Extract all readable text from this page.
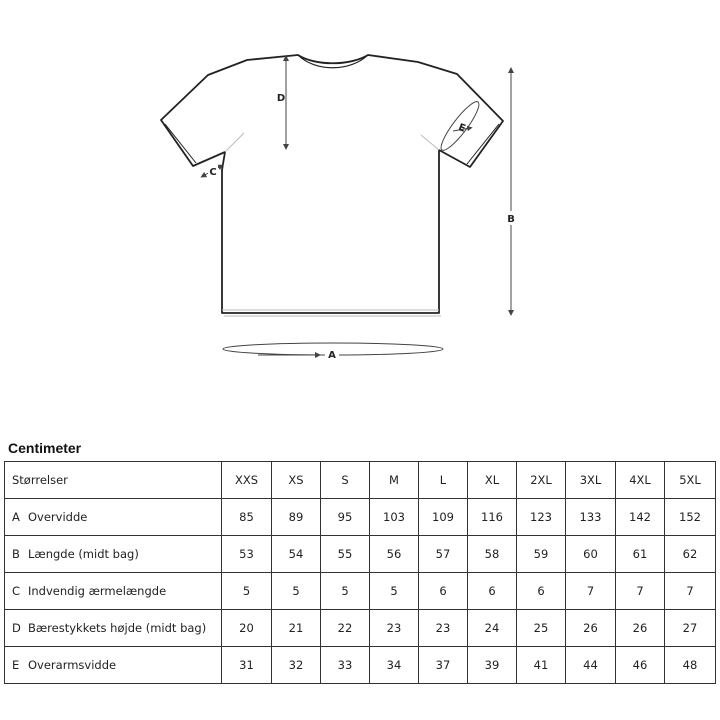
D
B
A
C
E
Centimeter
Størrelser	XXS	XS	S	M	L	XL	2XL	3XL	4XL	5XL
A Overvidde	85	89	95	103	109	116	123	133	142	152
B Længde (midt bag)	53	54	55	56	57	58	59	60	61	62
C Indvendig ærmelængde	5	5	5	5	6	6	6	7	7	7
D Bærestykkets højde (midt bag)	20	21	22	23	23	24	25	26	26	27
E Overarmsvidde	31	32	33	34	37	39	41	44	46	48
